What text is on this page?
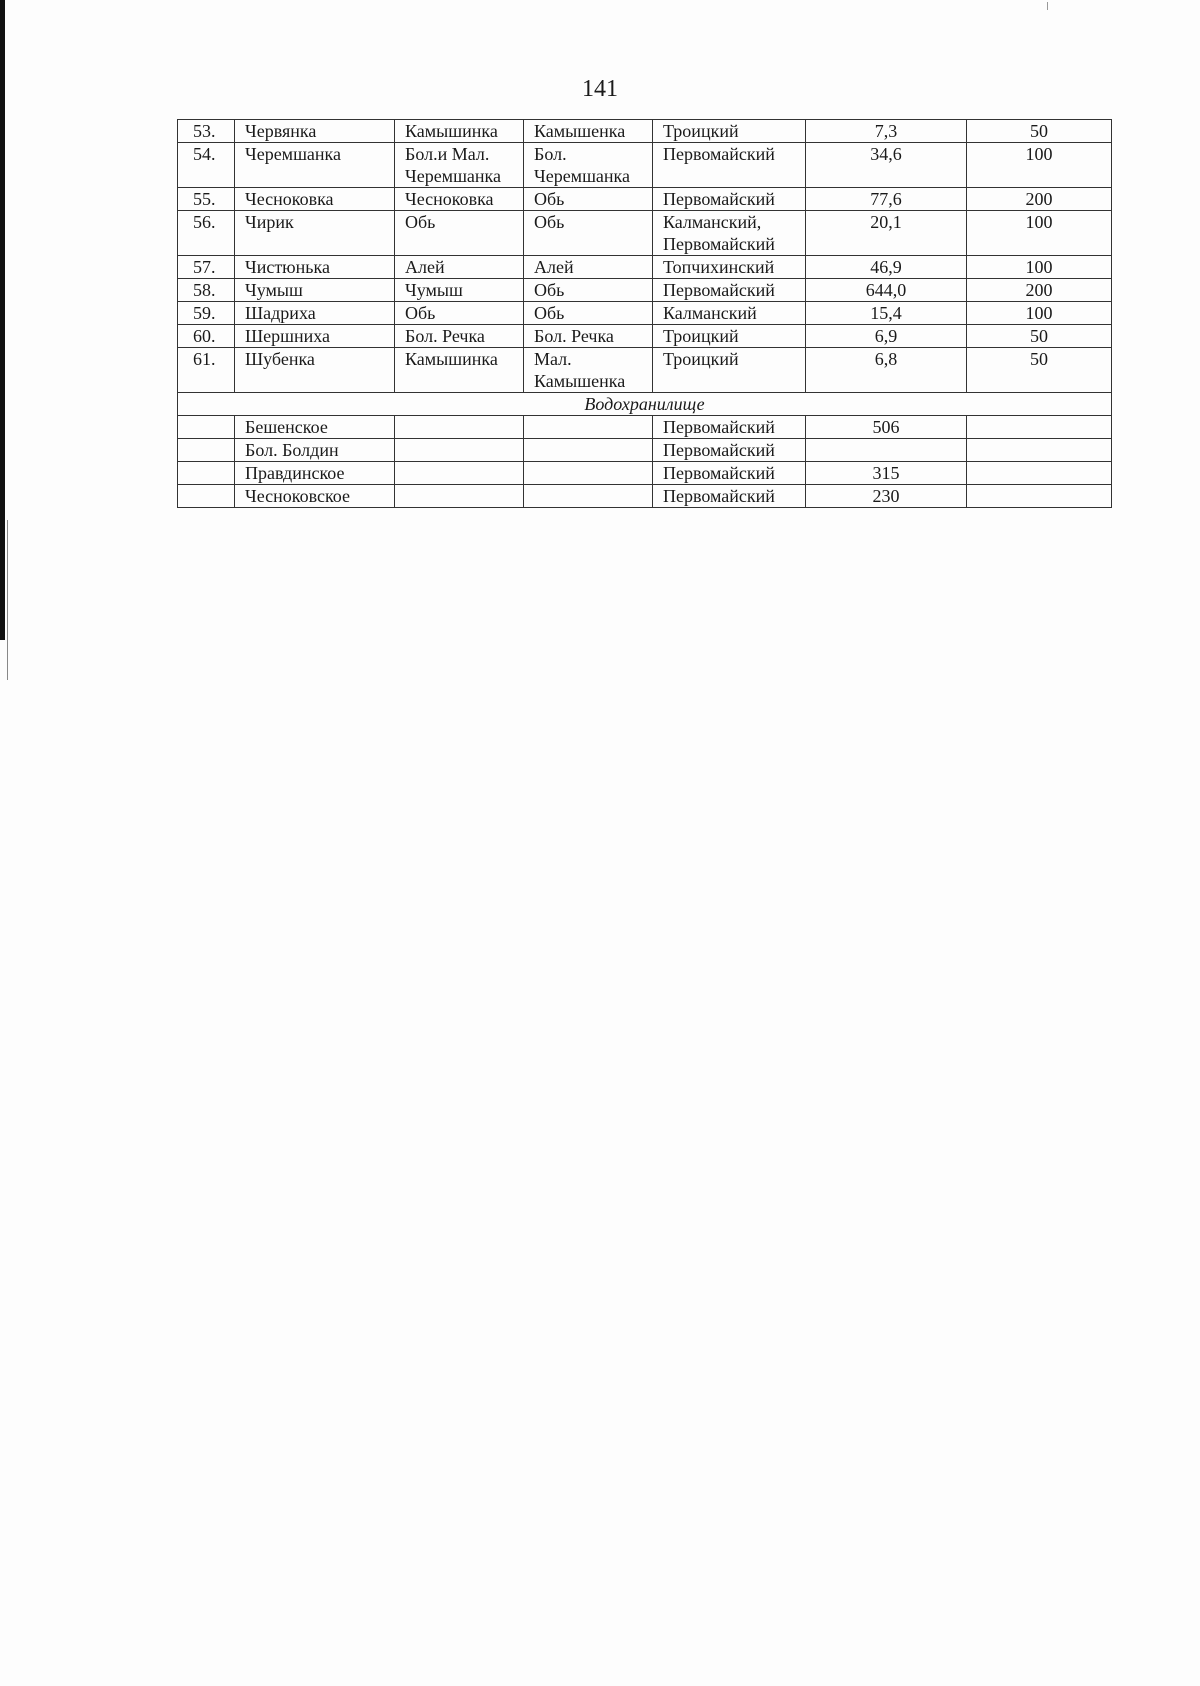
141
53.	Червянка	Камышинка	Камышенка	Троицкий	7,3	50
54.	Черемшанка	Бол.и Мал. Черемшанка	Бол. Черемшанка	Первомайский	34,6	100
55.	Чесноковка	Чесноковка	Обь	Первомайский	77,6	200
56.	Чирик	Обь	Обь	Калманский, Первомайский	20,1	100
57.	Чистюнька	Алей	Алей	Топчихинский	46,9	100
58.	Чумыш	Чумыш	Обь	Первомайский	644,0	200
59.	Шадриха	Обь	Обь	Калманский	15,4	100
60.	Шершниха	Бол. Речка	Бол. Речка	Троицкий	6,9	50
61.	Шубенка	Камышинка	Мал. Камышенка	Троицкий	6,8	50
Водохранилище						
	Бешенское			Первомайский	506	
	Бол. Болдин			Первомайский		
	Правдинское			Первомайский	315	
	Чесноковское			Первомайский	230	
